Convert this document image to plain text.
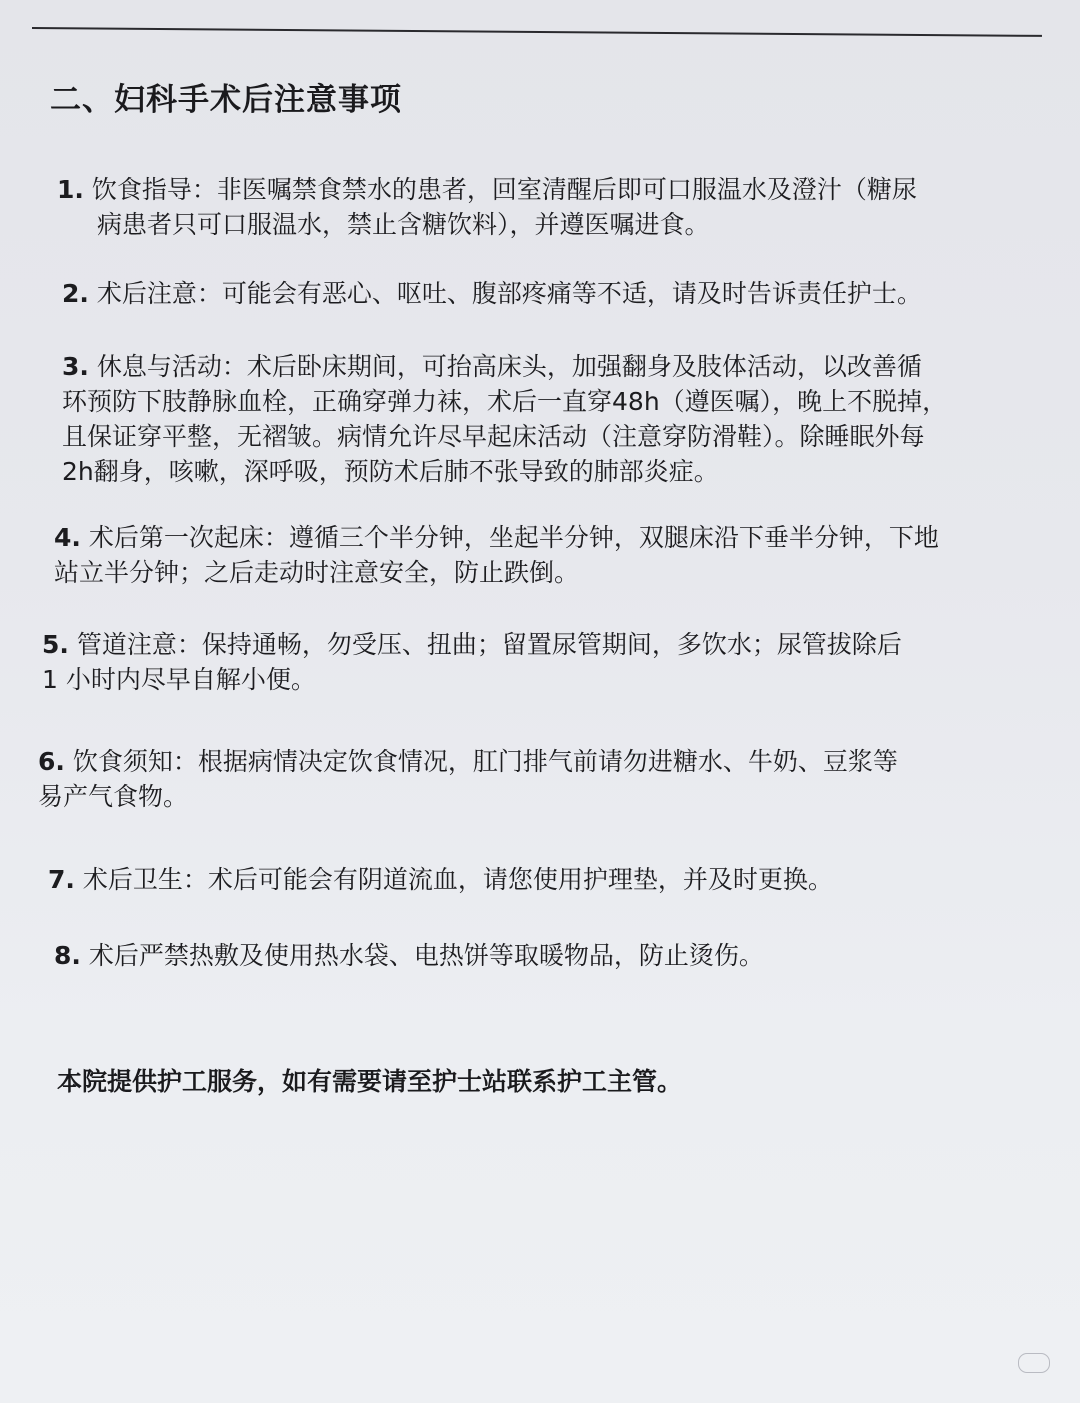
二、妇科手术后注意事项
1. 饮食指导：非医嘱禁食禁水的患者，回室清醒后即可口服温水及澄汁（糖尿
病患者只可口服温水，禁止含糖饮料），并遵医嘱进食。
2. 术后注意：可能会有恶心、呕吐、腹部疼痛等不适，请及时告诉责任护士。
3. 休息与活动：术后卧床期间，可抬高床头，加强翻身及肢体活动，以改善循
环预防下肢静脉血栓，正确穿弹力袜，术后一直穿48h（遵医嘱），晚上不脱掉，
且保证穿平整，无褶皱。病情允许尽早起床活动（注意穿防滑鞋）。除睡眠外每
2h翻身，咳嗽，深呼吸，预防术后肺不张导致的肺部炎症。
4. 术后第一次起床：遵循三个半分钟，坐起半分钟，双腿床沿下垂半分钟，下地
站立半分钟；之后走动时注意安全，防止跌倒。
5. 管道注意：保持通畅，勿受压、扭曲；留置尿管期间，多饮水；尿管拔除后
1 小时内尽早自解小便。
6. 饮食须知：根据病情决定饮食情况，肛门排气前请勿进糖水、牛奶、豆浆等
易产气食物。
7. 术后卫生：术后可能会有阴道流血，请您使用护理垫，并及时更换。
8. 术后严禁热敷及使用热水袋、电热饼等取暖物品，防止烫伤。
本院提供护工服务，如有需要请至护士站联系护工主管。
